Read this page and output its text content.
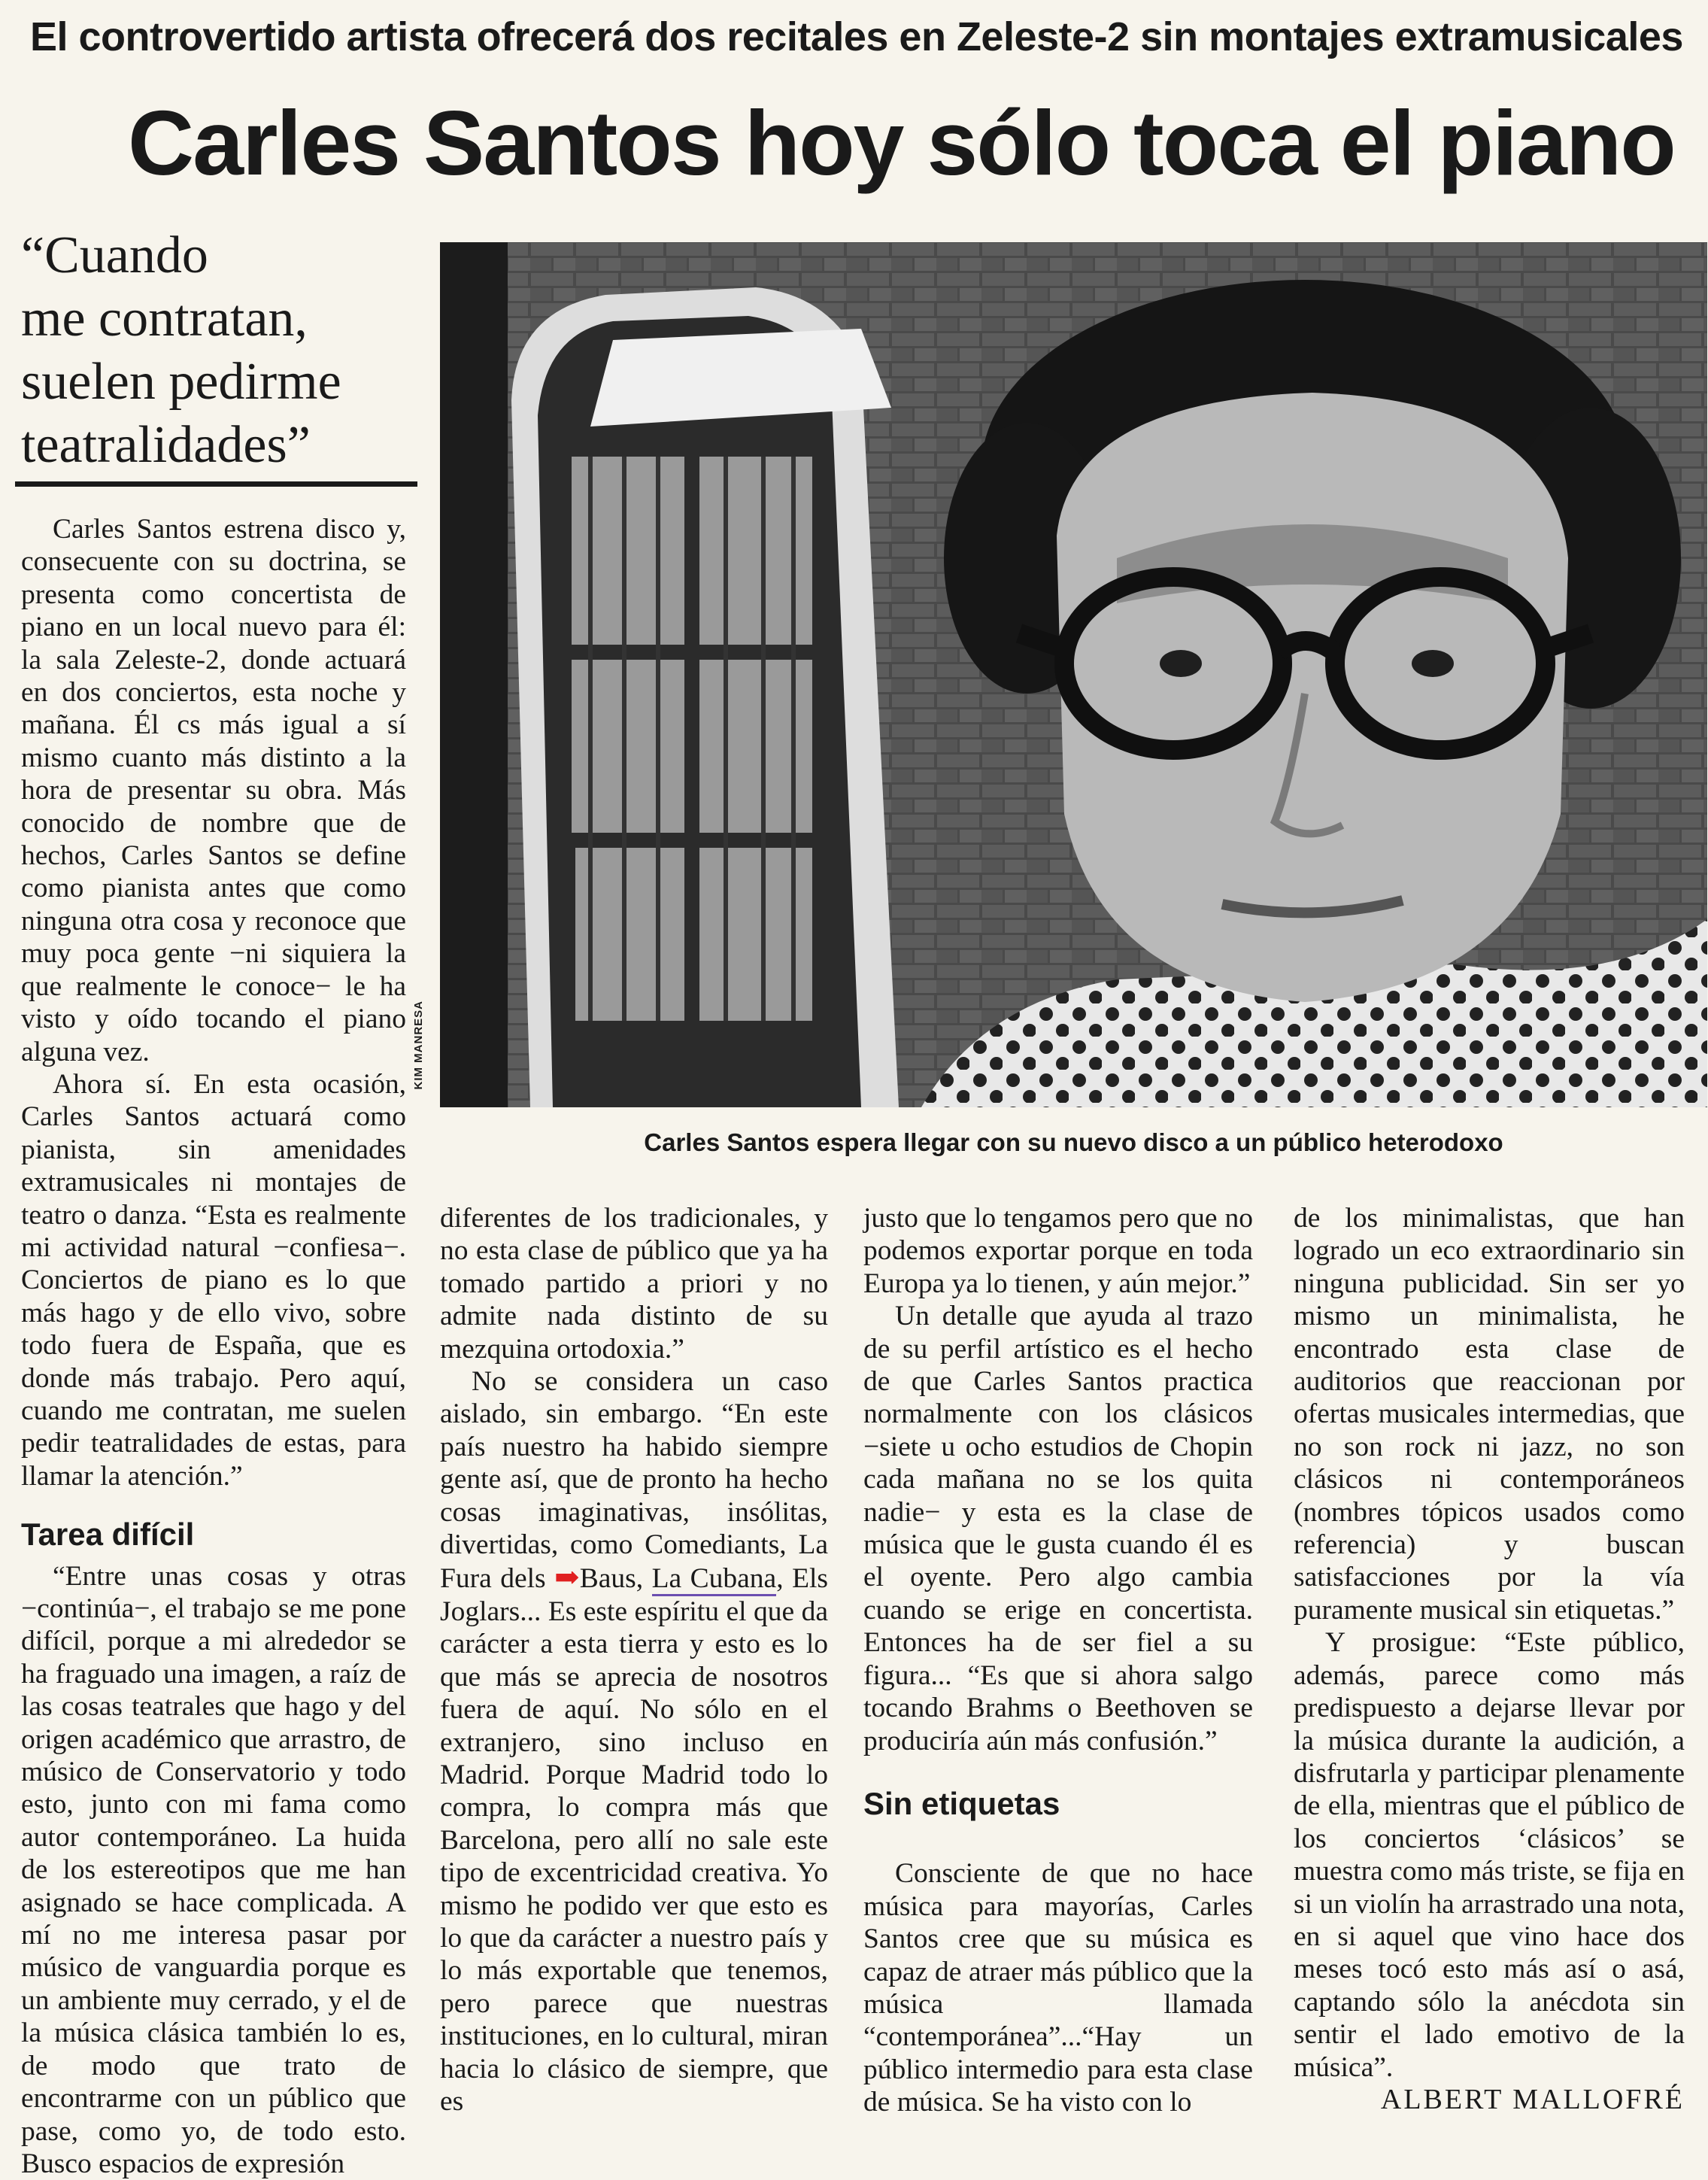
El controvertido artista ofrecerá dos recitales en Zeleste-2 sin montajes extramusicales
Carles Santos hoy sólo toca el piano
“Cuando
me contratan,
suelen pedirme
teatralidades”
KIM MANRESA
Carles Santos espera llegar con su nuevo disco a un público heterodoxo

Carles Santos estrena disco y, consecuente con su doctrina, se presenta como concertista de piano en un local nuevo para él: la sala Zeleste-2, donde actuará en dos conciertos, esta noche y mañana. Él cs más igual a sí mismo cuanto más distinto a la hora de presentar su obra. Más conocido de nombre que de hechos, Carles Santos se define como pianista antes que como ninguna otra cosa y reconoce que muy poca gente −ni siquiera la que realmente le conoce− le ha visto y oído tocando el piano alguna vez.

Ahora sí. En esta ocasión, Carles Santos actuará como pianista, sin amenidades extramusicales ni montajes de teatro o danza. “Esta es realmente mi actividad natural −confiesa−. Conciertos de piano es lo que más hago y de ello vivo, sobre todo fuera de España, que es donde más trabajo. Pero aquí, cuando me contratan, me suelen pedir teatralidades de estas, para llamar la atención.”

Tarea difícil

“Entre unas cosas y otras −continúa−, el trabajo se me pone difícil, porque a mi alrededor se ha fraguado una imagen, a raíz de las cosas teatrales que hago y del origen académico que arrastro, de músico de Conservatorio y todo esto, junto con mi fama como autor contemporáneo. La huida de los estereotipos que me han asignado se hace complicada. A mí no me interesa pasar por músico de vanguardia porque es un ambiente muy cerrado, y el de la música clásica también lo es, de modo que trato de encontrarme con un público que pase, como yo, de todo esto. Busco espacios de expresión

diferentes de los tradicionales, y no esta clase de público que ya ha tomado partido a priori y no admite nada distinto de su mezquina ortodoxia.”

No se considera un caso aislado, sin embargo. “En este país nuestro ha habido siempre gente así, que de pronto ha hecho cosas imaginativas, insólitas, divertidas, como Comediants, La Fura dels ➡Baus, La Cubana, Els Joglars... Es este espíritu el que da carácter a esta tierra y esto es lo que más se aprecia de nosotros fuera de aquí. No sólo en el extranjero, sino incluso en Madrid. Porque Madrid todo lo compra, lo compra más que Barcelona, pero allí no sale este tipo de excentricidad creativa. Yo mismo he podido ver que esto es lo que da carácter a nuestro país y lo más exportable que tenemos, pero parece que nuestras instituciones, en lo cultural, miran hacia lo clásico de siempre, que es

justo que lo tengamos pero que no podemos exportar porque en toda Europa ya lo tienen, y aún mejor.”

Un detalle que ayuda al trazo de su perfil artístico es el hecho de que Carles Santos practica normalmente con los clásicos −siete u ocho estudios de Chopin cada mañana no se los quita nadie− y esta es la clase de música que le gusta cuando él es el oyente. Pero algo cambia cuando se erige en concertista. Entonces ha de ser fiel a su figura... “Es que si ahora salgo tocando Brahms o Beethoven se produciría aún más confusión.”

Sin etiquetas

Consciente de que no hace música para mayorías, Carles Santos cree que su música es capaz de atraer más público que la música llamada “contemporánea”...“Hay un público intermedio para esta clase de música. Se ha visto con lo

de los minimalistas, que han logrado un eco extraordinario sin ninguna publicidad. Sin ser yo mismo un minimalista, he encontrado esta clase de auditorios que reaccionan por ofertas musicales intermedias, que no son rock ni jazz, no son clásicos ni contemporáneos (nombres tópicos usados como referencia) y buscan satisfacciones por la vía puramente musical sin etiquetas.”

Y prosigue: “Este público, además, parece como más predispuesto a dejarse llevar por la música durante la audición, a disfrutarla y participar plenamente de ella, mientras que el público de los conciertos ‘clásicos’ se muestra como más triste, se fija en si un violín ha arrastrado una nota, en si aquel que vino hace dos meses tocó esto más así o asá, captando sólo la anécdota sin sentir el lado emotivo de la música”.

ALBERT MALLOFRÉ
